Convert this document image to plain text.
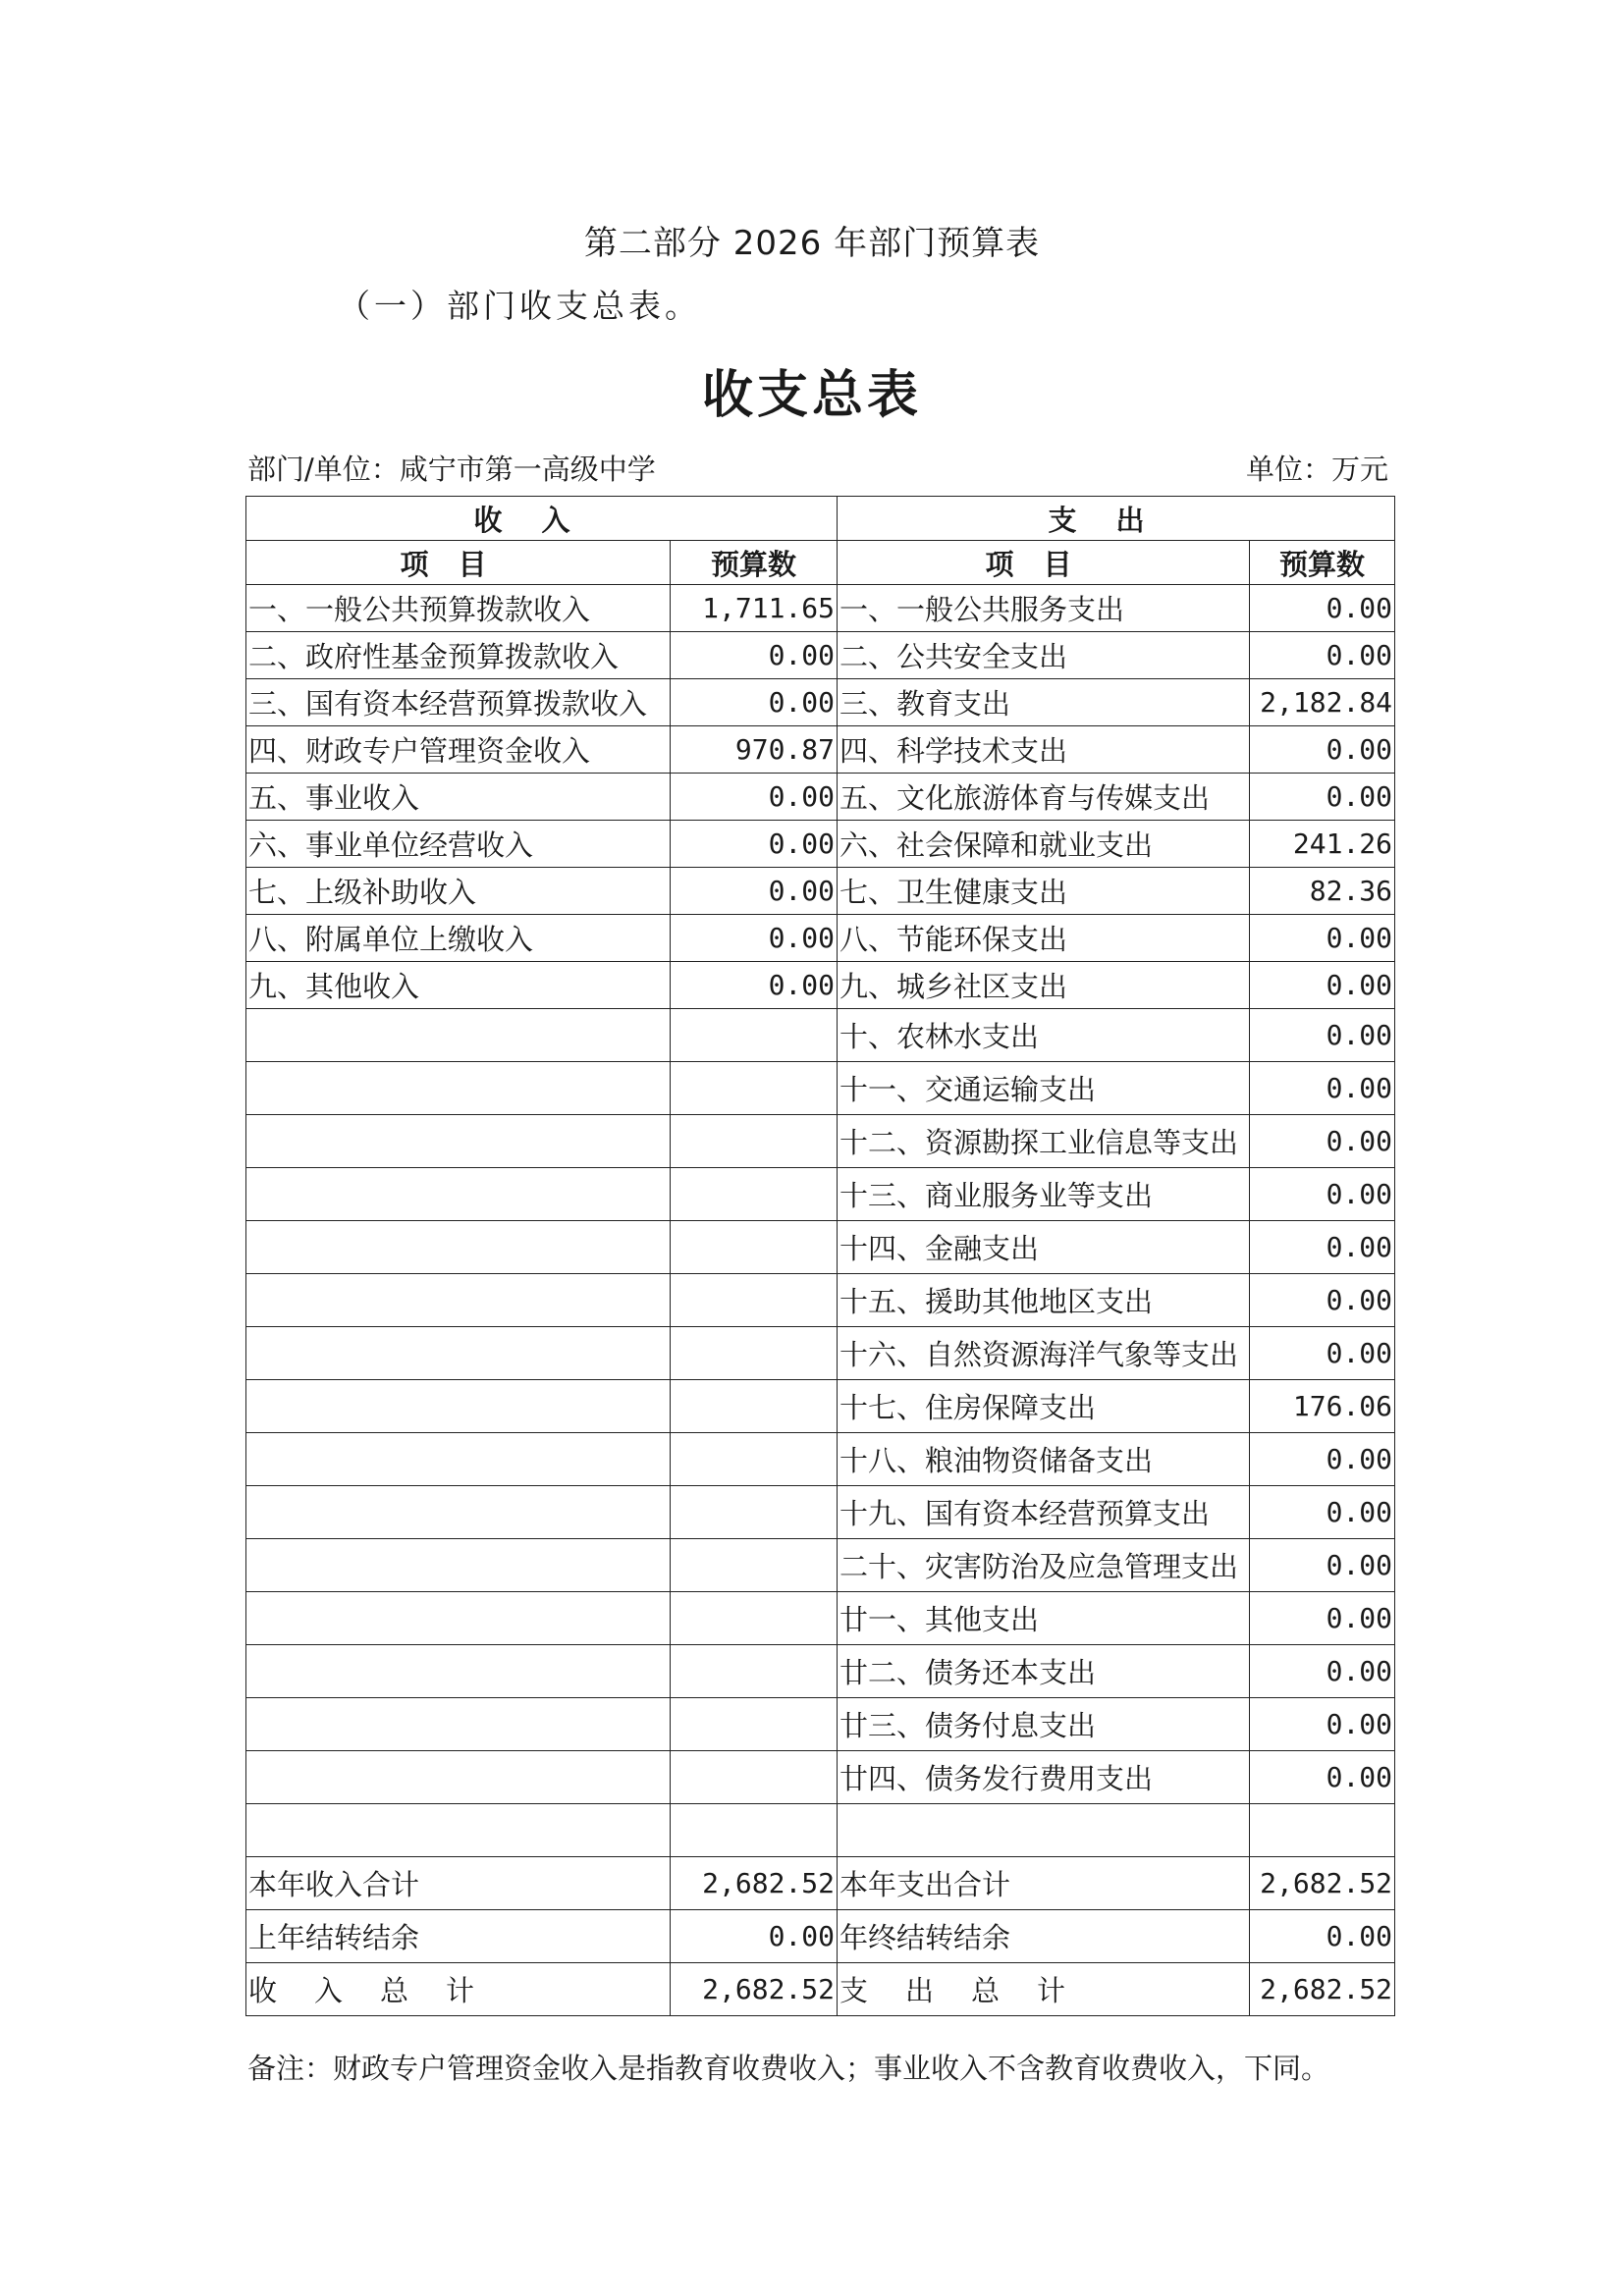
第二部分 2026 年部门预算表
（一）部门收支总表。
收支总表
部门/单位：咸宁市第一高级中学	单位：万元
收入		支出	
项目	预算数	项目	预算数
一、一般公共预算拨款收入	1,711.65	一、一般公共服务支出	0.00
二、政府性基金预算拨款收入	0.00	二、公共安全支出	0.00
三、国有资本经营预算拨款收入	0.00	三、教育支出	2,182.84
四、财政专户管理资金收入	970.87	四、科学技术支出	0.00
五、事业收入	0.00	五、文化旅游体育与传媒支出	0.00
六、事业单位经营收入	0.00	六、社会保障和就业支出	241.26
七、上级补助收入	0.00	七、卫生健康支出	82.36
八、附属单位上缴收入	0.00	八、节能环保支出	0.00
九、其他收入	0.00	九、城乡社区支出	0.00
		十、农林水支出	0.00
		十一、交通运输支出	0.00
		十二、资源勘探工业信息等支出	0.00
		十三、商业服务业等支出	0.00
		十四、金融支出	0.00
		十五、援助其他地区支出	0.00
		十六、自然资源海洋气象等支出	0.00
		十七、住房保障支出	176.06
		十八、粮油物资储备支出	0.00
		十九、国有资本经营预算支出	0.00
		二十、灾害防治及应急管理支出	0.00
		廿一、其他支出	0.00
		廿二、债务还本支出	0.00
		廿三、债务付息支出	0.00
		廿四、债务发行费用支出	0.00

本年收入合计	2,682.52	本年支出合计	2,682.52
上年结转结余	0.00	年终结转结余	0.00
收入总计	2,682.52	支出总计	2,682.52
备注：财政专户管理资金收入是指教育收费收入；事业收入不含教育收费收入，下同。
